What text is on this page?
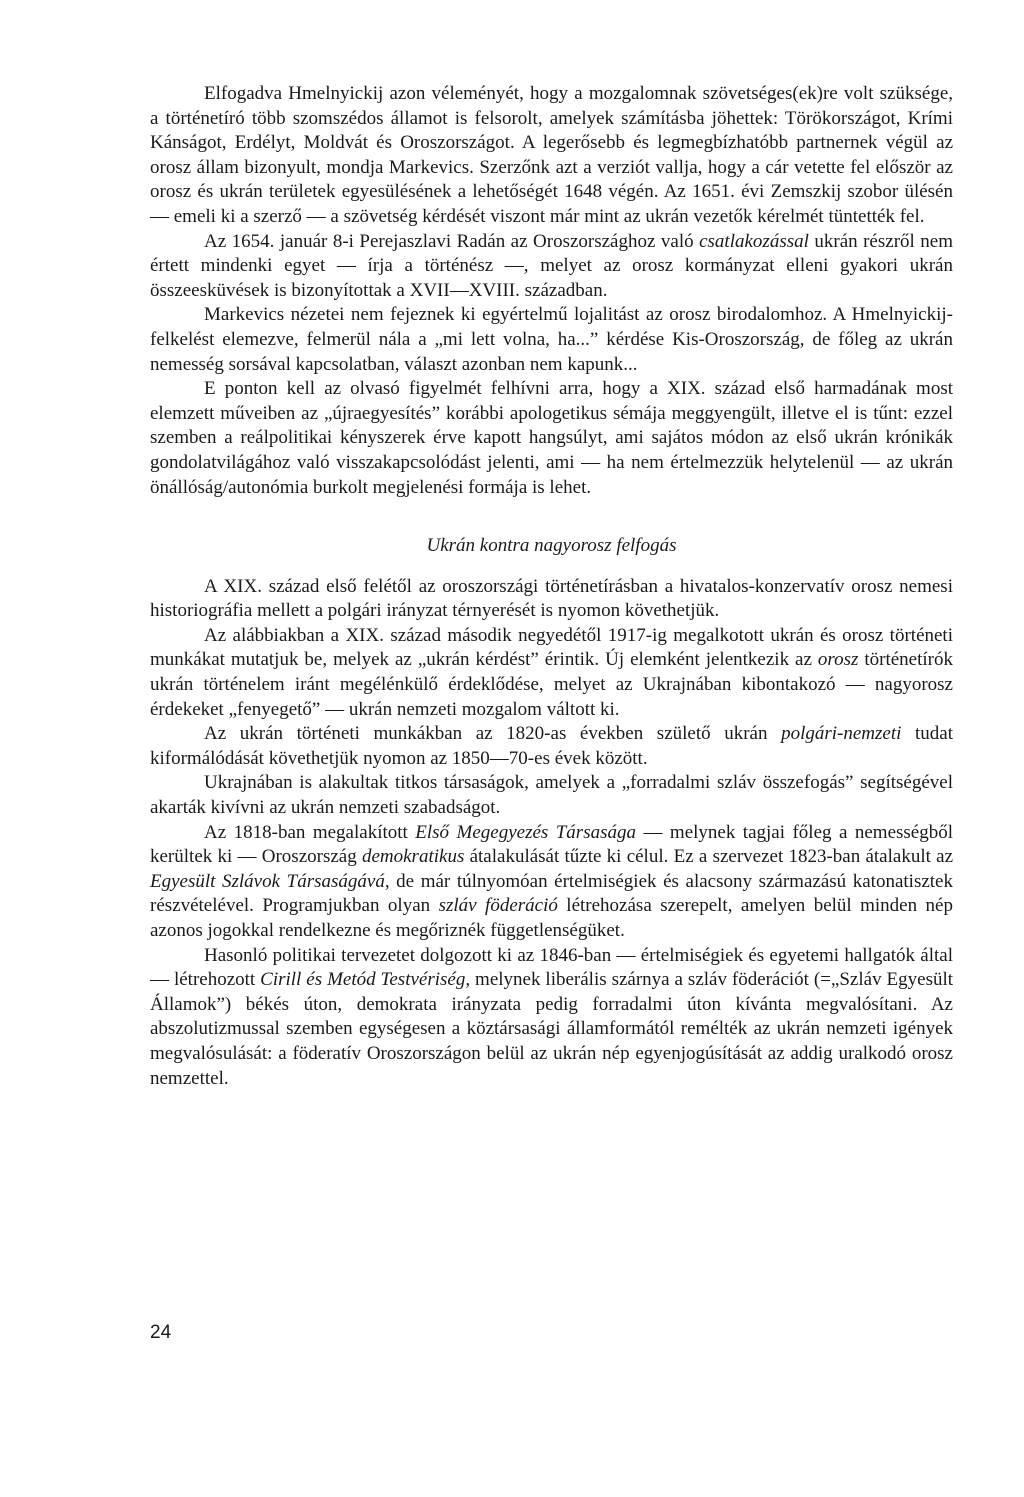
Elfogadva Hmelnyickij azon véleményét, hogy a mozgalomnak szövetséges(ek)re volt szüksége, a történetíró több szomszédos államot is felsorolt, amelyek számításba jöhettek: Törökországot, Krími Kánságot, Erdélyt, Moldvát és Oroszországot. A legerősebb és legmegbízhatóbb partnernek végül az orosz állam bizonyult, mondja Markevics. Szerzőnk azt a verziót vallja, hogy a cár vetette fel először az orosz és ukrán területek egyesülésének a lehetőségét 1648 végén. Az 1651. évi Zemszkij szobor ülésén — emeli ki a szerző — a szövetség kérdését viszont már mint az ukrán vezetők kérelmét tüntették fel.

Az 1654. január 8-i Perejaszlavi Radán az Oroszországhoz való csatlakozással ukrán részről nem értett mindenki egyet — írja a történész —, melyet az orosz kormányzat elleni gyakori ukrán összeesküvések is bizonyítottak a XVII—XVIII. században.

Markevics nézetei nem fejeznek ki egyértelmű lojalitást az orosz birodalomhoz. A Hmelnyickij-felkelést elemezve, felmerül nála a „mi lett volna, ha...” kérdése Kis-Oroszország, de főleg az ukrán nemesség sorsával kapcsolatban, választ azonban nem kapunk...

E ponton kell az olvasó figyelmét felhívni arra, hogy a XIX. század első harmadának most elemzett műveiben az „újraegyesítés” korábbi apologetikus sémája meggyengült, illetve el is tűnt: ezzel szemben a reálpolitikai kényszerek érve kapott hangsúlyt, ami sajátos módon az első ukrán krónikák gondolatvilágához való visszakapcsolódást jelenti, ami — ha nem értelmezzük helytelenül — az ukrán önállóság/autonómia burkolt megjelenési formája is lehet.

Ukrán kontra nagyorosz felfogás

A XIX. század első felétől az oroszországi történetírásban a hivatalos-konzervatív orosz nemesi historiográfia mellett a polgári irányzat térnyerését is nyomon követhetjük.

Az alábbiakban a XIX. század második negyedétől 1917-ig megalkotott ukrán és orosz történeti munkákat mutatjuk be, melyek az „ukrán kérdést” érintik. Új elemként jelentkezik az orosz történetírók ukrán történelem iránt megélénkülő érdeklődése, melyet az Ukrajnában kibontakozó — nagyorosz érdekeket „fenyegető” — ukrán nemzeti mozgalom váltott ki.

Az ukrán történeti munkákban az 1820-as években születő ukrán polgári-nemzeti tudat kiformálódását követhetjük nyomon az 1850—70-es évek között.

Ukrajnában is alakultak titkos társaságok, amelyek a „forradalmi szláv összefogás” segítségével akarták kivívni az ukrán nemzeti szabadságot.

Az 1818-ban megalakított Első Megegyezés Társasága — melynek tagjai főleg a nemességből kerültek ki — Oroszország demokratikus átalakulását tűzte ki célul. Ez a szervezet 1823-ban átalakult az Egyesült Szlávok Társaságává, de már túlnyomóan értelmiségiek és alacsony származású katonatisztek részvételével. Programjukban olyan szláv föderáció létrehozása szerepelt, amelyen belül minden nép azonos jogokkal rendelkezne és megőriznék függetlenségüket.

Hasonló politikai tervezetet dolgozott ki az 1846-ban — értelmiségiek és egyetemi hallgatók által — létrehozott Cirill és Metód Testvériség, melynek liberális szárnya a szláv föderációt (=„Szláv Egyesült Államok”) békés úton, demokrata irányzata pedig forradalmi úton kívánta megvalósítani. Az abszolutizmussal szemben egységesen a köztársasági államformától remélték az ukrán nemzeti igények megvalósulását: a föderatív Oroszországon belül az ukrán nép egyenjogúsítását az addig uralkodó orosz nemzettel.

24
